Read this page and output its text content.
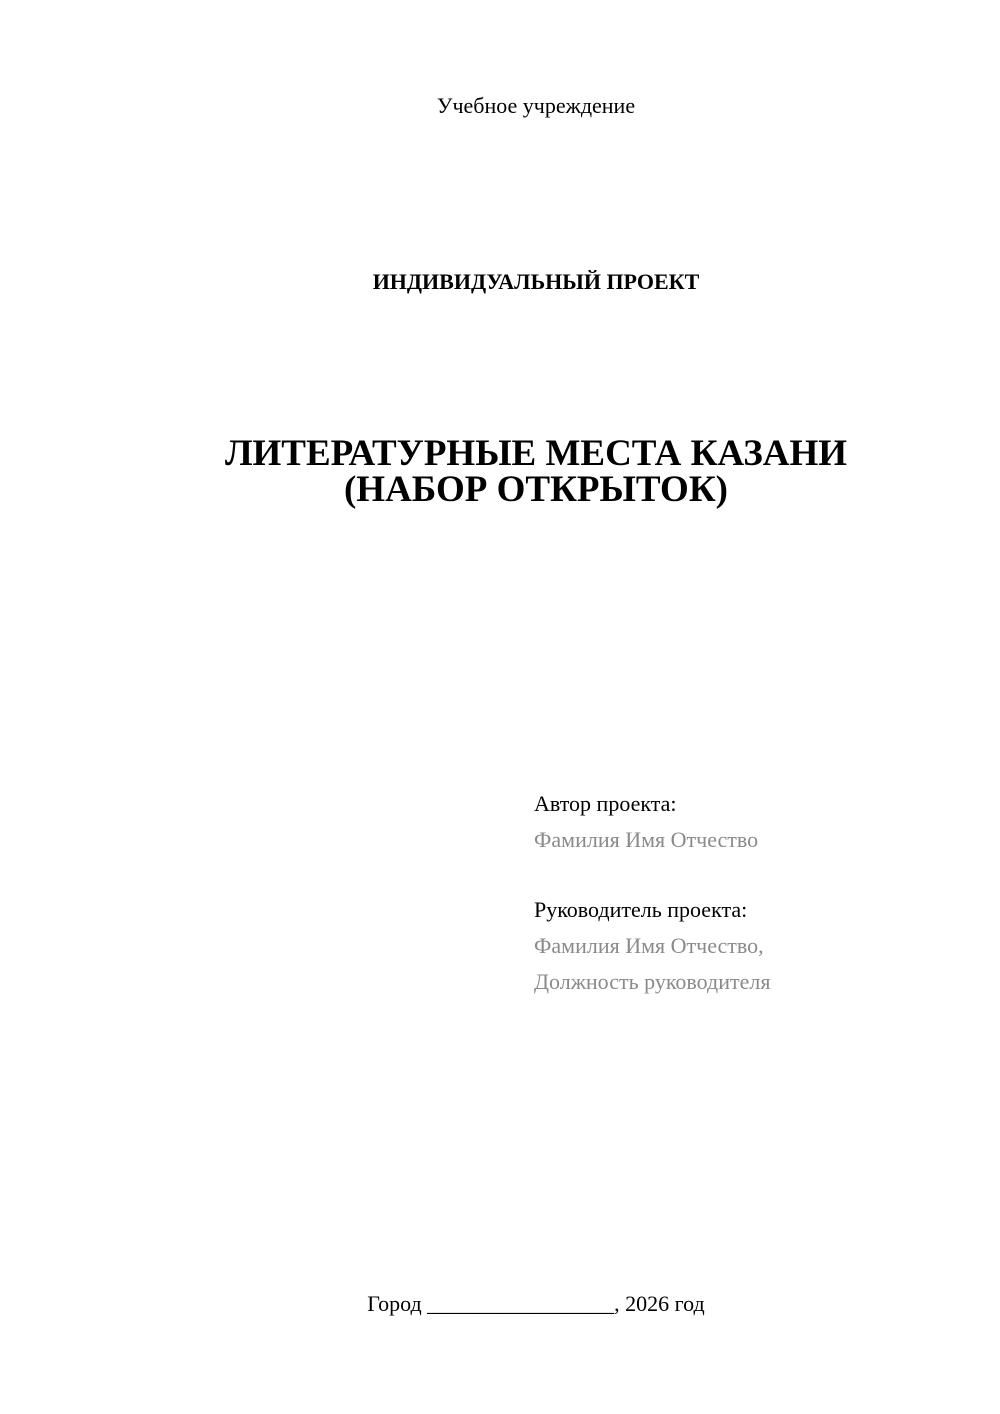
Учебное учреждение
ИНДИВИДУАЛЬНЫЙ ПРОЕКТ
ЛИТЕРАТУРНЫЕ МЕСТА КАЗАНИ
(НАБОР ОТКРЫТОК)
Автор проекта:
Фамилия Имя Отчество
Руководитель проекта:
Фамилия Имя Отчество,
Должность руководителя
Город _________________, 2026 год
